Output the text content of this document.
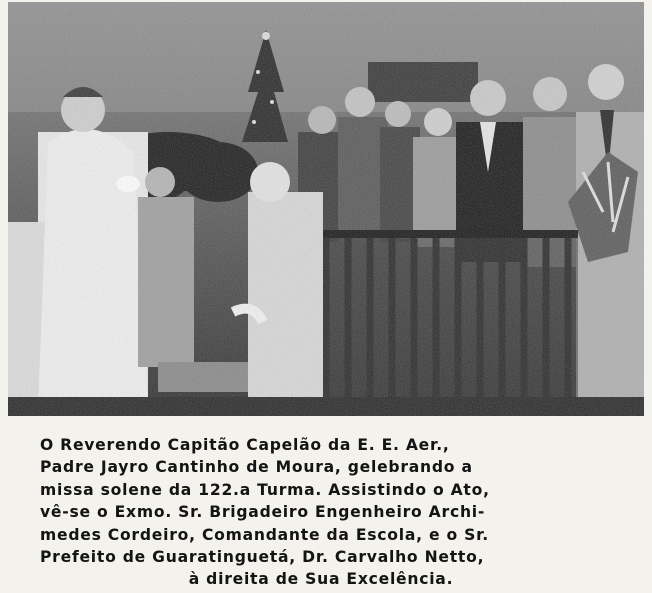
O Reverendo Capitão Capelão da E. E. Aer.,
Padre Jayro Cantinho de Moura, gelebrando a
missa solene da 122.a Turma. Assistindo o Ato,
vê-se o Exmo. Sr. Brigadeiro Engenheiro Archi-
medes Cordeiro, Comandante da Escola, e o Sr.
Prefeito de Guaratinguetá, Dr. Carvalho Netto,
à direita de Sua Excelência.
